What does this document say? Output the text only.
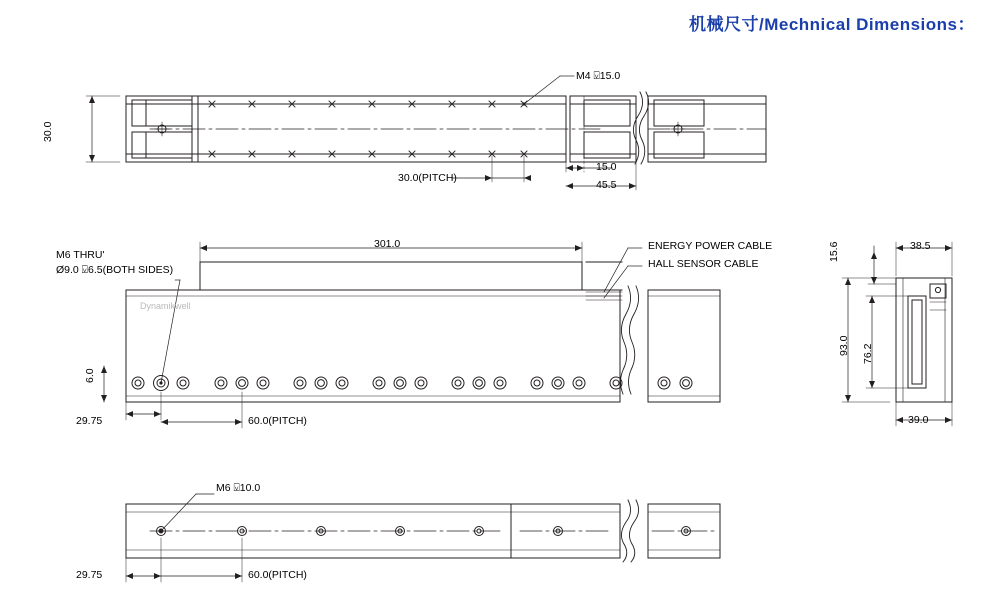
机械尺寸/Mechnical Dimensions：
M4 ⍌15.0
30.0
30.0(PITCH)
15.0
45.5
M6 THRU'
Ø9.0 ⍌6.5(BOTH SIDES)
301.0	ENERGY POWER CABLE
HALL SENSOR CABLE
6.0
29.75	60.0(PITCH)
15.6	38.5
93.0 76.2
39.0
M6 ⍌10.0
29.75	60.0(PITCH)
Dynamikwell
